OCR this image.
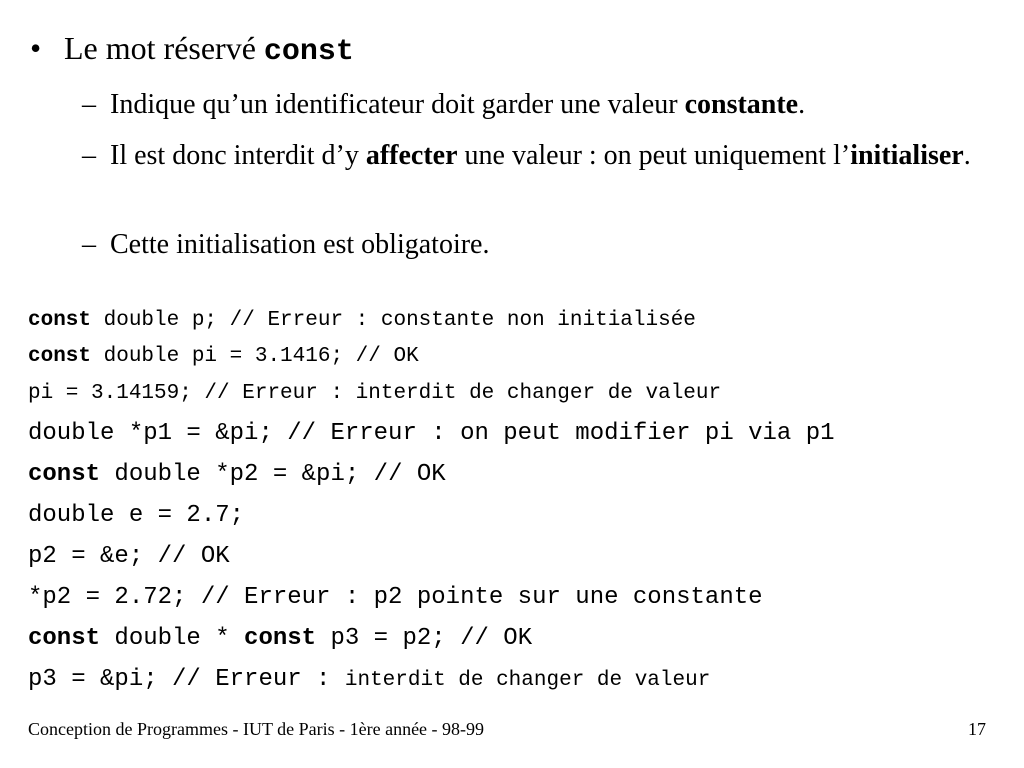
• Le mot réservé const
– Indique qu’un identificateur doit garder une valeur constante.
– Il est donc interdit d’y affecter une valeur : on peut uniquement l’initialiser.
– Cette initialisation est obligatoire.
const double p; // Erreur : constante non initialisée
const double pi = 3.1416; // OK
pi = 3.14159; // Erreur : interdit de changer de valeur
double *p1 = &pi; // Erreur : on peut modifier pi via p1
const double *p2 = &pi; // OK
double e = 2.7;
p2 = &e; // OK
*p2 = 2.72; // Erreur : p2 pointe sur une constante
const double * const p3 = p2; // OK
p3 = &pi; // Erreur : interdit de changer de valeur
Conception de Programmes - IUT de Paris - 1ère année - 98-99	17
